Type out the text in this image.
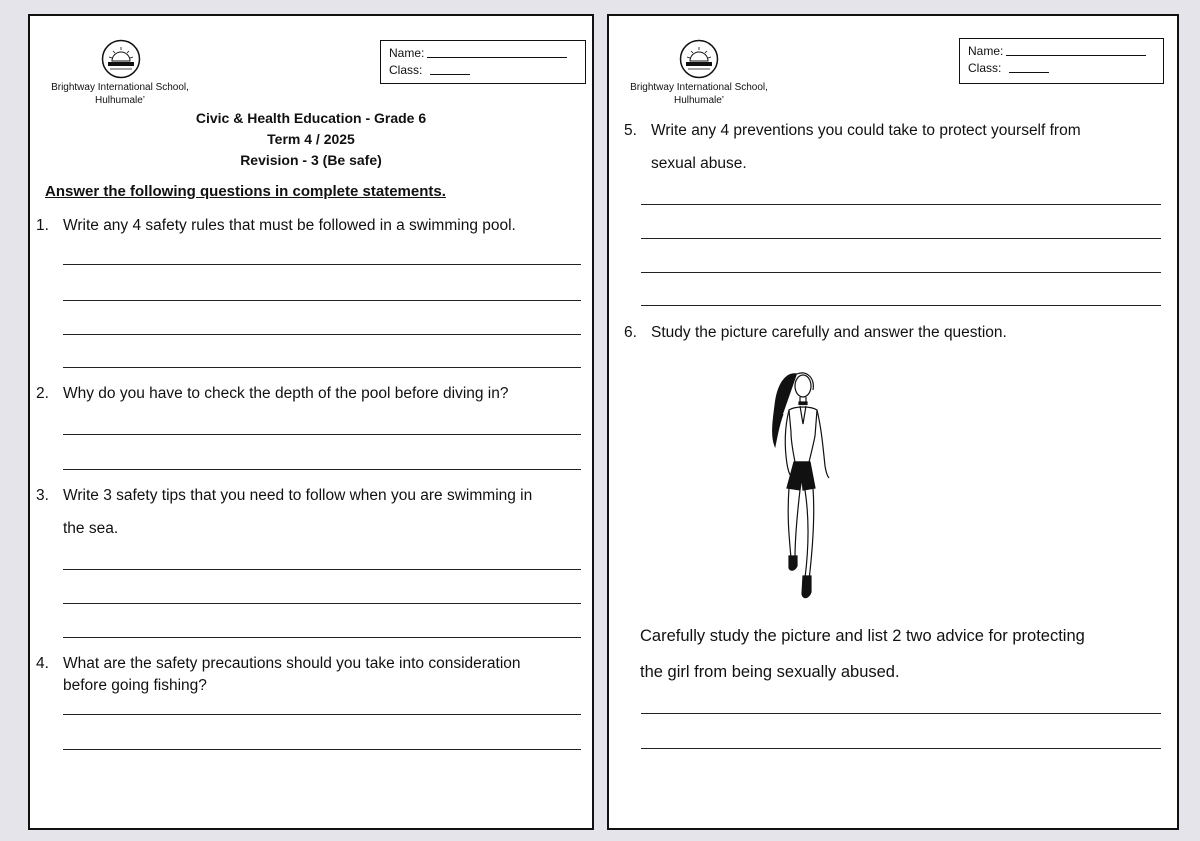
Brightway International School,
Hulhumale’
Name:
Class:
Civic & Health Education - Grade 6
Term 4 / 2025
Revision - 3 (Be safe)
Answer the following questions in complete statements.
1. Write any 4 safety rules that must be followed in a swimming pool.
2. Why do you have to check the depth of the pool before diving in?
3. Write 3 safety tips that you need to follow when you are swimming in
the sea.
4. What are the safety precautions should you take into consideration
before going fishing?
Brightway International School,
Hulhumale’
Name:
Class:
5. Write any 4 preventions you could take to protect yourself from
sexual abuse.
6. Study the picture carefully and answer the question.
Carefully study the picture and list 2 two advice for protecting
the girl from being sexually abused.
